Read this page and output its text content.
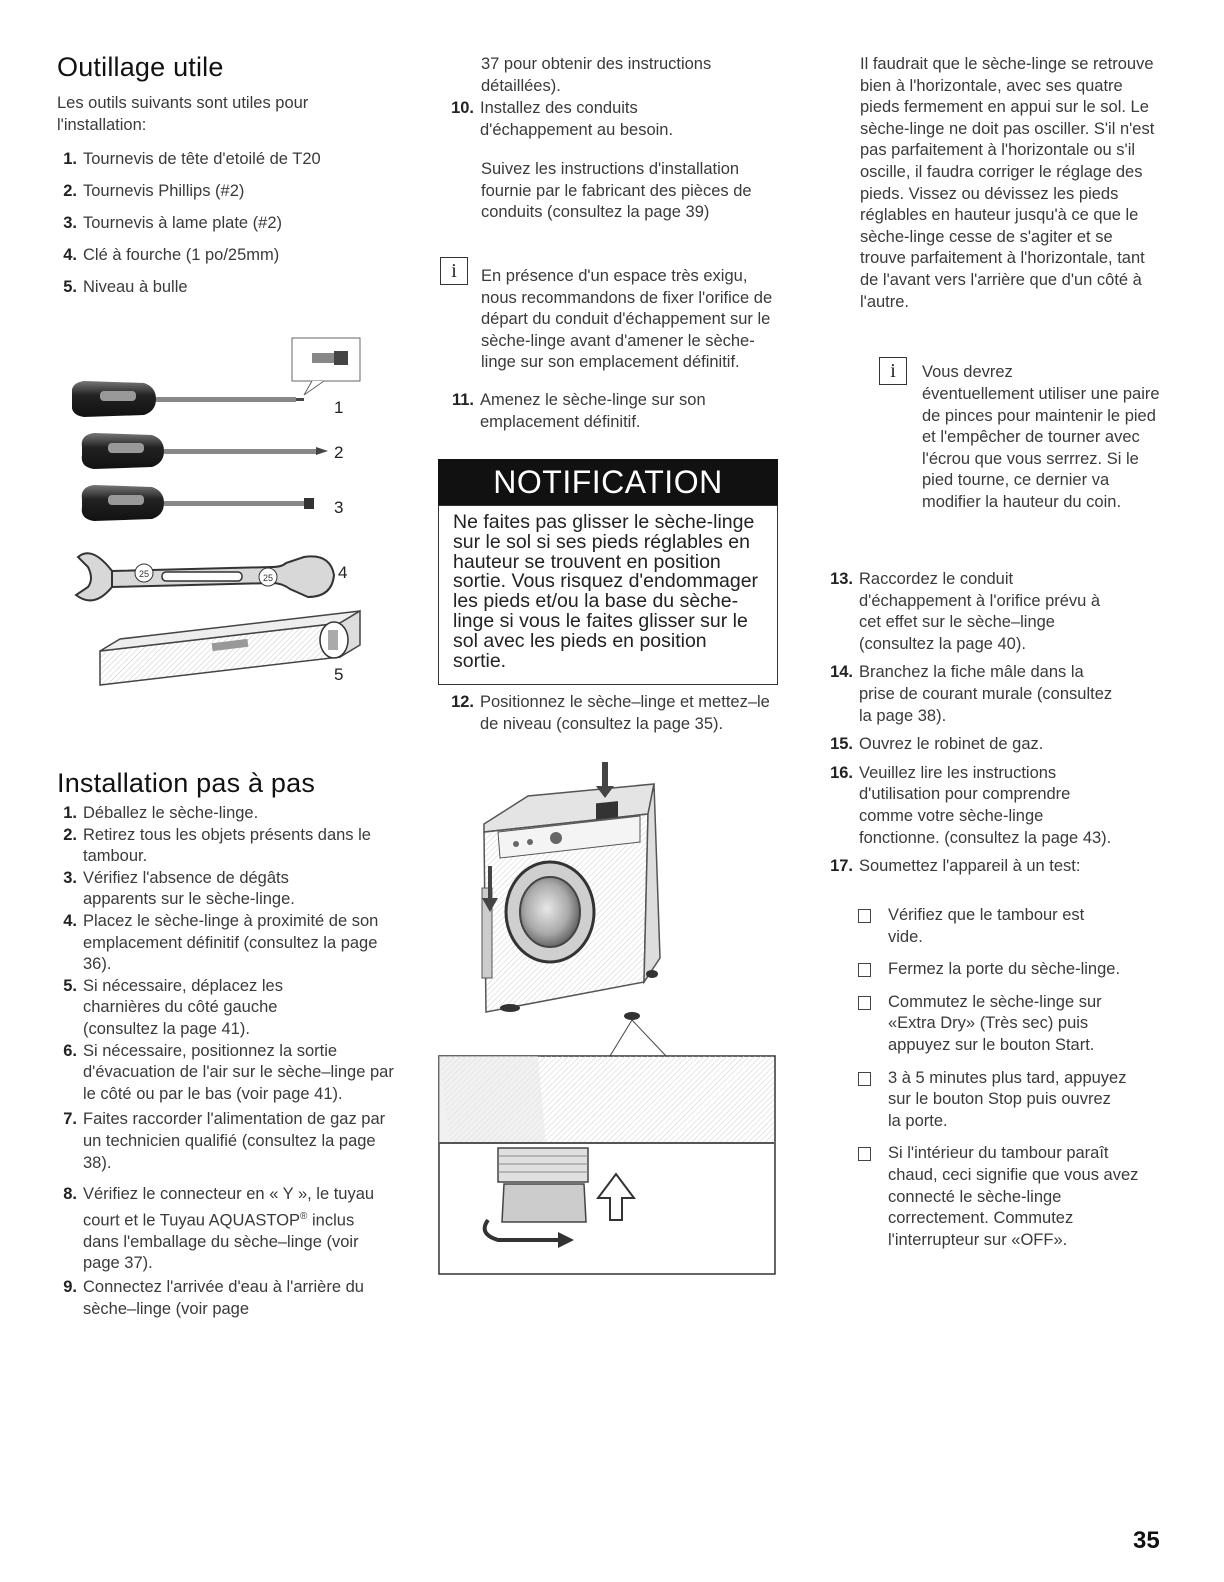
Outillage utile
Les outils suivants sont utiles pour l'installation:
1. Tournevis de tête d'etoilé de T20
2. Tournevis Phillips (#2)
3. Tournevis à lame plate (#2)
4. Clé à fourche (1 po/25mm)
5. Niveau à bulle
1
2
3
25	25	4
5
Installation pas à pas
1. Déballez le sèche-linge.
2. Retirez tous les objets présents dans le tambour.
3. Vérifiez l'absence de dégâts apparents sur le sèche-linge.
4. Placez le sèche-linge à proximité de son emplacement définitif (consultez la page 36).
5. Si nécessaire, déplacez les charnières du côté gauche (consultez la page 41).
6. Si nécessaire, positionnez la sortie d'évacuation de l'air sur le sèche–linge par le côté ou par le bas (voir page 41).
7. Faites raccorder l'alimentation de gaz par un technicien qualifié (consultez la page 38).
8. Vérifiez le connecteur en « Y », le tuyau court et le Tuyau AQUASTOP® inclus dans l'emballage du sèche–linge (voir page 37).
9. Connectez l'arrivée d'eau à l'arrière du sèche–linge (voir page
37 pour obtenir des instructions détaillées).
10. Installez des conduits d'échappement au besoin.
Suivez les instructions d'installation fournie par le fabricant des pièces de conduits (consultez la page 39)
i	En présence d'un espace très exigu, nous recommandons de fixer l'orifice de départ du conduit d'échappement sur le sèche-linge avant d'amener le sèche-linge sur son emplacement définitif.
11. Amenez le sèche-linge sur son emplacement définitif.
NOTIFICATION
Ne faites pas glisser le sèche-linge sur le sol si ses pieds réglables en hauteur se trouvent en position sortie. Vous risquez d'endommager les pieds et/ou la base du sèche-linge si vous le faites glisser sur le sol avec les pieds en position sortie.
12. Positionnez le sèche–linge et mettez–le de niveau (consultez la page 35).
Il faudrait que le sèche-linge se retrouve bien à l'horizontale, avec ses quatre pieds fermement en appui sur le sol. Le sèche-linge ne doit pas osciller. S'il n'est pas parfaitement à l'horizontale ou s'il oscille, il faudra corriger le réglage des pieds. Vissez ou dévissez les pieds réglables en hauteur jusqu'à ce que le sèche-linge cesse de s'agiter et se trouve parfaitement à l'horizontale, tant de l'avant vers l'arrière que d'un côté à l'autre.
i	Vous devrez
éventuellement utiliser une paire de pinces pour maintenir le pied et l'empêcher de tourner avec l'écrou que vous serrrez. Si le pied tourne, ce dernier va modifier la hauteur du coin.
13. Raccordez le conduit d'échappement à l'orifice prévu à cet effet sur le sèche–linge (consultez la page 40).
14. Branchez la fiche mâle dans la prise de courant murale (consultez la page 38).
15. Ouvrez le robinet de gaz.
16. Veuillez lire les instructions d'utilisation pour comprendre comme votre sèche-linge fonctionne. (consultez la page 43).
17. Soumettez l'appareil à un test:
Vérifiez que le tambour est vide.
Fermez la porte du sèche-linge.
Commutez le sèche-linge sur «Extra Dry» (Très sec) puis appuyez sur le bouton Start.
3 à 5 minutes plus tard, appuyez sur le bouton Stop puis ouvrez la porte.
Si l'intérieur du tambour paraît chaud, ceci signifie que vous avez connecté le sèche-linge correctement. Commutez l'interrupteur sur «OFF».
35
